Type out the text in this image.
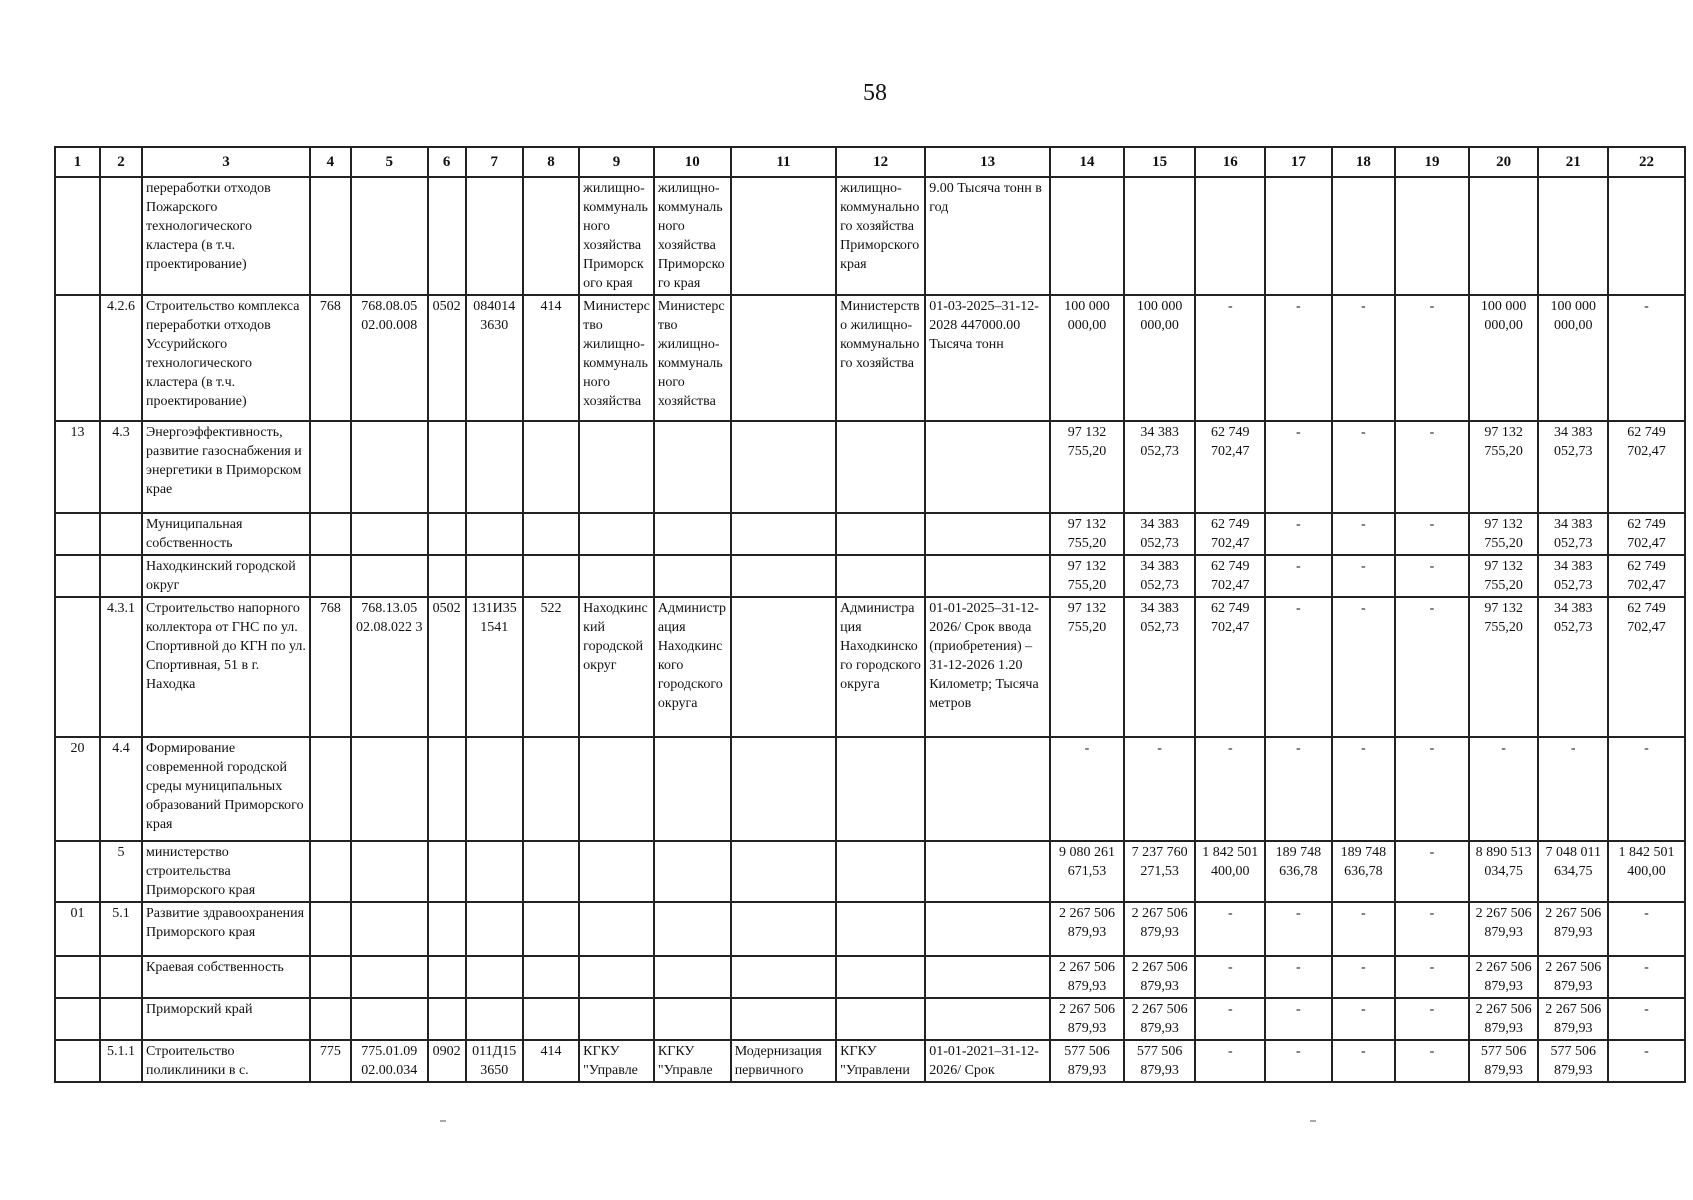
58
1	2	3	4	5	6	7	8	9	10	11	12	13	14	15	16	17	18	19	20	21	22
		переработки отходов Пожарского технологического кластера (в т.ч. проектирование)						жилищно-коммунального хозяйства Приморского края	жилищно-коммунального хозяйства Приморского края		жилищно-коммунального хозяйства Приморского края	9.00 Тысяча тонн в год									
	4.2.6	Строительство комплекса переработки отходов Уссурийского технологического кластера (в т.ч. проектирование)	768	768.08.05 02.00.008	0502	084014 3630	414	Министерство жилищно-коммунального хозяйства	Министерство жилищно-коммунального хозяйства		Министерство жилищно-коммунального хозяйства	01-03-2025–31-12-2028 447000.00 Тысяча тонн	100 000 000,00	100 000 000,00	-	-	-	-	100 000 000,00	100 000 000,00	-
13	4.3	Энергоэффективность, развитие газоснабжения и энергетики в Приморском крае											97 132 755,20	34 383 052,73	62 749 702,47	-	-	-	97 132 755,20	34 383 052,73	62 749 702,47
		Муниципальная собственность											97 132 755,20	34 383 052,73	62 749 702,47	-	-	-	97 132 755,20	34 383 052,73	62 749 702,47
		Находкинский городской округ											97 132 755,20	34 383 052,73	62 749 702,47	-	-	-	97 132 755,20	34 383 052,73	62 749 702,47
	4.3.1	Строительство напорного коллектора от ГНС по ул. Спортивной до КГН по ул. Спортивная, 51 в г. Находка	768	768.13.05 02.08.022 3	0502	131И35 1541	522	Находкинский городской округ	Администрация Находкинского городского округа		Администрация Находкинского городского округа	01-01-2025–31-12-2026/ Срок ввода (приобретения) – 31-12-2026 1.20 Километр; Тысяча метров	97 132 755,20	34 383 052,73	62 749 702,47	-	-	-	97 132 755,20	34 383 052,73	62 749 702,47
20	4.4	Формирование современной городской среды муниципальных образований Приморского края											-	-	-	-	-	-	-	-	-
	5	министерство строительства Приморского края											9 080 261 671,53	7 237 760 271,53	1 842 501 400,00	189 748 636,78	189 748 636,78	-	8 890 513 034,75	7 048 011 634,75	1 842 501 400,00
01	5.1	Развитие здравоохранения Приморского края											2 267 506 879,93	2 267 506 879,93	-	-	-	-	2 267 506 879,93	2 267 506 879,93	-
		Краевая собственность											2 267 506 879,93	2 267 506 879,93	-	-	-	-	2 267 506 879,93	2 267 506 879,93	-
		Приморский край											2 267 506 879,93	2 267 506 879,93	-	-	-	-	2 267 506 879,93	2 267 506 879,93	-
	5.1.1	Строительство поликлиники в с.	775	775.01.09 02.00.034	0902	011Д15 3650	414	КГКУ "Управле	КГКУ "Управле	Модернизация первичного	КГКУ "Управлени	01-01-2021–31-12-2026/ Срок	577 506 879,93	577 506 879,93	-	-	-	-	577 506 879,93	577 506 879,93	-
